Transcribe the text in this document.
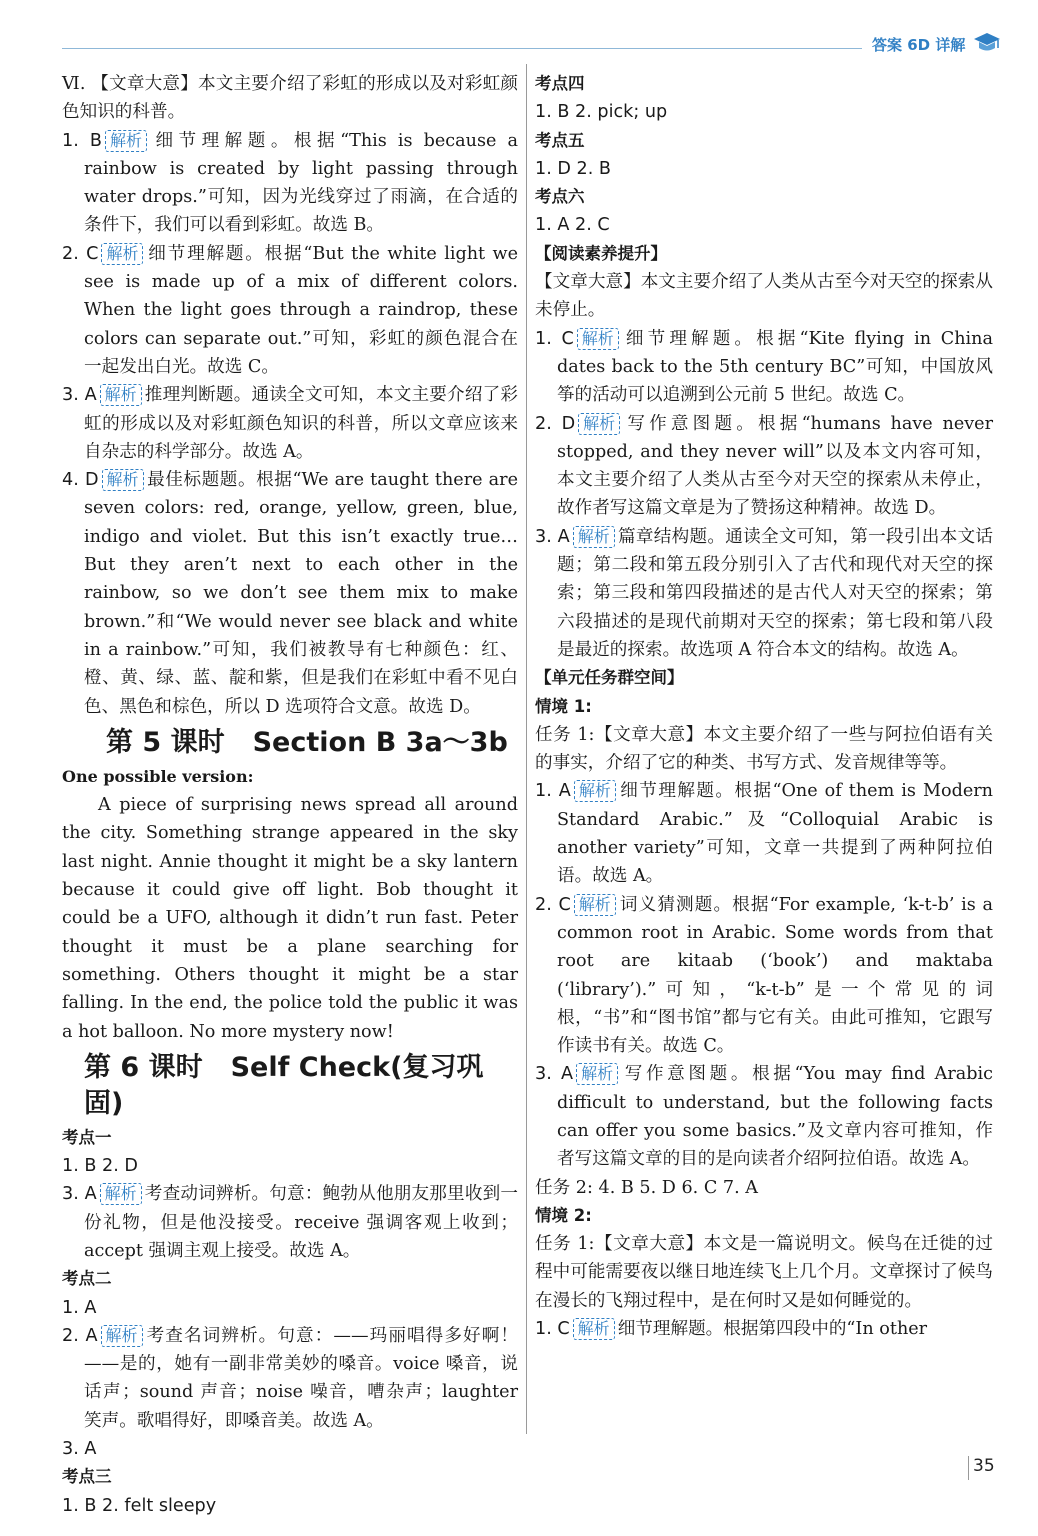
答案 6D 详解

Ⅵ. 【文章大意】本文主要介绍了彩虹的形成以及对彩虹颜色知识的科普。

1. B 解析 细节理解题。根据“This is because a rainbow is created by light passing through water drops.”可知，因为光线穿过了雨滴，在合适的条件下，我们可以看到彩虹。故选 B。

2. C 解析 细节理解题。根据“But the white light we see is made up of a mix of different colors. When the light goes through a raindrop, these colors can separate out.”可知，彩虹的颜色混合在一起发出白光。故选 C。

3. A 解析 推理判断题。通读全文可知，本文主要介绍了彩虹的形成以及对彩虹颜色知识的科普，所以文章应该来自杂志的科学部分。故选 A。

4. D 解析 最佳标题题。根据“We are taught there are seven colors: red, orange, yellow, green, blue, indigo and violet. But this isn’t exactly true… But they aren’t next to each other in the rainbow, so we don’t see them mix to make brown.”和“We would never see black and white in a rainbow.”可知，我们被教导有七种颜色：红、橙、黄、绿、蓝、靛和紫，但是我们在彩虹中看不见白色、黑色和棕色，所以 D 选项符合文意。故选 D。

第 5 课时 Section B 3a～3b

One possible version:

A piece of surprising news spread all around the city. Something strange appeared in the sky last night. Annie thought it might be a sky lantern because it could give off light. Bob thought it could be a UFO, although it didn’t run fast. Peter thought it must be a plane searching for something. Others thought it might be a star falling. In the end, the police told the public it was a hot balloon. No more mystery now!

第 6 课时 Self Check(复习巩固)

考点一

1. B 2. D

3. A 解析 考查动词辨析。句意：鲍勃从他朋友那里收到一份礼物，但是他没接受。receive 强调客观上收到；accept 强调主观上接受。故选 A。

考点二

1. A

2. A 解析 考查名词辨析。句意：——玛丽唱得多好啊！——是的，她有一副非常美妙的嗓音。voice 嗓音，说话声；sound 声音；noise 噪音，嘈杂声；laughter 笑声。歌唱得好，即嗓音美。故选 A。

3. A

考点三

1. B 2. felt sleepy

考点四

1. B 2. pick; up

考点五

1. D 2. B

考点六

1. A 2. C

【阅读素养提升】

【文章大意】本文主要介绍了人类从古至今对天空的探索从未停止。

1. C 解析 细节理解题。根据“Kite flying in China dates back to the 5th century BC”可知，中国放风筝的活动可以追溯到公元前 5 世纪。故选 C。

2. D 解析 写作意图题。根据“humans have never stopped, and they never will”以及本文内容可知，本文主要介绍了人类从古至今对天空的探索从未停止，故作者写这篇文章是为了赞扬这种精神。故选 D。

3. A 解析 篇章结构题。通读全文可知，第一段引出本文话题；第二段和第五段分别引入了古代和现代对天空的探索；第三段和第四段描述的是古代人对天空的探索；第六段描述的是现代前期对天空的探索；第七段和第八段是最近的探索。故选项 A 符合本文的结构。故选 A。

【单元任务群空间】

情境 1:

任务 1:【文章大意】本文主要介绍了一些与阿拉伯语有关的事实，介绍了它的种类、书写方式、发音规律等等。

1. A 解析 细节理解题。根据“One of them is Modern Standard Arabic.”及“Colloquial Arabic is another variety”可知，文章一共提到了两种阿拉伯语。故选 A。

2. C 解析 词义猜测题。根据“For example, ‘k-t-b’ is a common root in Arabic. Some words from that root are kitaab (‘book’) and maktaba (‘library’).”可知，“k-t-b”是一个常见的词根，“书”和“图书馆”都与它有关。由此可推知，它跟写作读书有关。故选 C。

3. A 解析 写作意图题。根据“You may find Arabic difficult to understand, but the following facts can offer you some basics.”及文章内容可推知，作者写这篇文章的目的是向读者介绍阿拉伯语。故选 A。

任务 2: 4. B 5. D 6. C 7. A

情境 2:

任务 1:【文章大意】本文是一篇说明文。候鸟在迁徙的过程中可能需要夜以继日地连续飞上几个月。文章探讨了候鸟在漫长的飞翔过程中，是在何时又是如何睡觉的。

1. C 解析 细节理解题。根据第四段中的“In other

35
